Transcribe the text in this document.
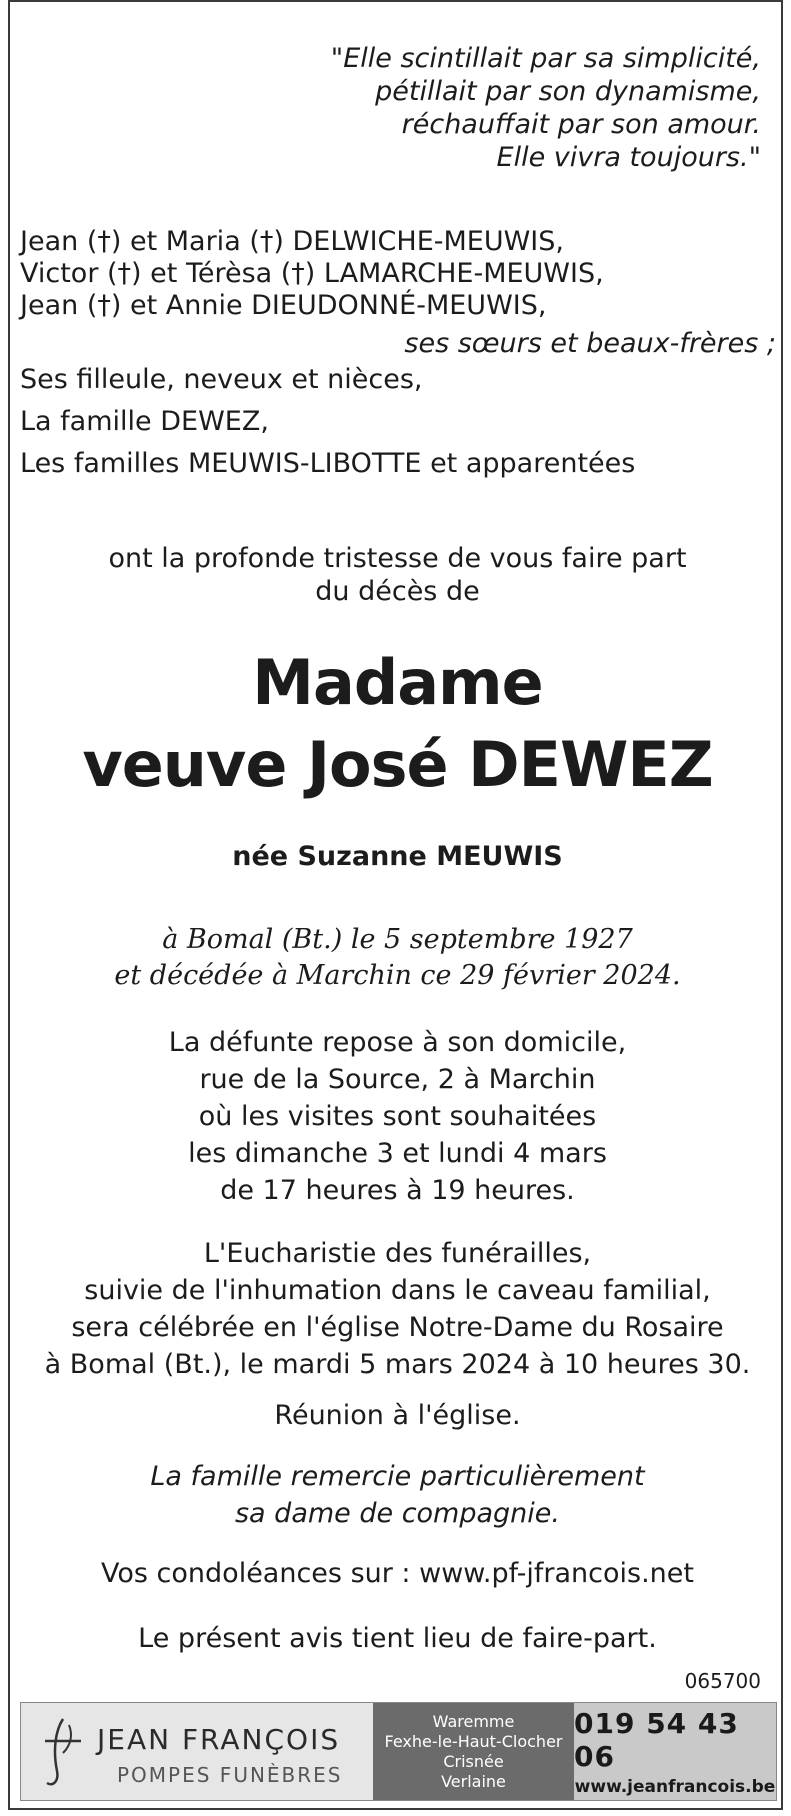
"Elle scintillait par sa simplicité,
pétillait par son dynamisme,
réchauffait par son amour.
Elle vivra toujours."
Jean (†) et Maria (†) DELWICHE-MEUWIS,
Victor (†) et Térèsa (†) LAMARCHE-MEUWIS,
Jean (†) et Annie DIEUDONNÉ-MEUWIS,
ses sœurs et beaux-frères ;
Ses filleule, neveux et nièces,
La famille DEWEZ,
Les familles MEUWIS-LIBOTTE et apparentées
ont la profonde tristesse de vous faire part
du décès de
Madame
veuve José DEWEZ
née Suzanne MEUWIS
à Bomal (Bt.) le 5 septembre 1927
et décédée à Marchin ce 29 février 2024.
La défunte repose à son domicile,
rue de la Source, 2 à Marchin
où les visites sont souhaitées
les dimanche 3 et lundi 4 mars
de 17 heures à 19 heures.
L'Eucharistie des funérailles,
suivie de l'inhumation dans le caveau familial,
sera célébrée en l'église Notre-Dame du Rosaire
à Bomal (Bt.), le mardi 5 mars 2024 à 10 heures 30.
Réunion à l'église.
La famille remercie particulièrement
sa dame de compagnie.
Vos condoléances sur : www.pf-jfrancois.net
Le présent avis tient lieu de faire-part.
065700
JEAN FRANÇOIS
POMPES FUNÈBRES
Waremme
Fexhe-le-Haut-Clocher
Crisnée
Verlaine
019 54 43 06
www.jeanfrancois.be
